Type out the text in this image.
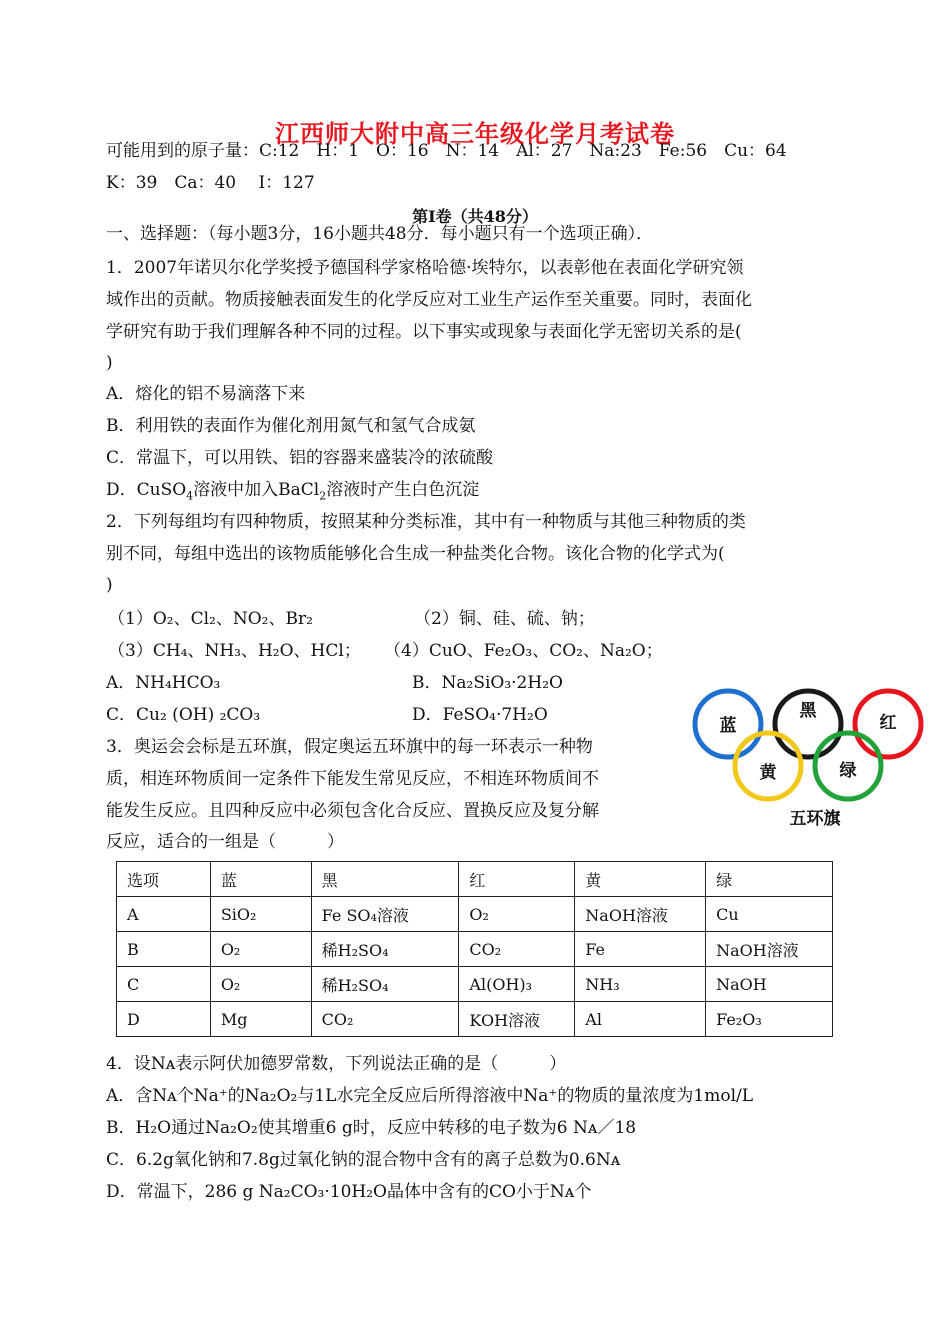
江西师大附中高三年级化学月考试卷
可能用到的原子量：C:12　H：1　O：16　N：14　Al：27　Na:23　Fe:56　Cu：64
K：39　Ca：40　 I：127
第Ⅰ卷（共48分）
一、选择题：（每小题3分，16小题共48分．每小题只有一个选项正确）．
1．2007年诺贝尔化学奖授予德国科学家格哈德·埃特尔，以表彰他在表面化学研究领
域作出的贡献。物质接触表面发生的化学反应对工业生产运作至关重要。同时，表面化
学研究有助于我们理解各种不同的过程。以下事实或现象与表面化学无密切关系的是(
)
A．熔化的铝不易滴落下来
B．利用铁的表面作为催化剂用氮气和氢气合成氨
C．常温下，可以用铁、铝的容器来盛装冷的浓硫酸
D．CuSO$_4$溶液中加入BaCl$_2$溶液时产生白色沉淀
2．下列每组均有四种物质，按照某种分类标准，其中有一种物质与其他三种物质的类
别不同，每组中选出的该物质能够化合生成一种盐类化合物。该化合物的化学式为(
)
（1）O₂、Cl₂、NO₂、Br₂	（2）铜、硅、硫、钠；
（3）CH₄、NH₃、H₂O、HCl； （4）CuO、Fe₂O₃、CO₂、Na₂O；
A．NH₄HCO₃	B．Na₂SiO₃·2H₂O
C．Cu₂ (OH) ₂CO₃	D．FeSO₄·7H₂O
蓝
黑
红
黄	绿
五环旗
3．奥运会会标是五环旗，假定奥运五环旗中的每一环表示一种物
质，相连环物质间一定条件下能发生常见反应，不相连环物质间不
能发生反应。且四种反应中必须包含化合反应、置换反应及复分解
反应，适合的一组是（　　　）
选项	蓝	黑	红	黄	绿
A	SiO₂	Fe SO₄溶液	O₂	NaOH溶液	Cu
B	O₂	稀H₂SO₄	CO₂	Fe	NaOH溶液
C	O₂	稀H₂SO₄	Al(OH)₃	NH₃	NaOH
D	Mg	CO₂	KOH溶液	Al	Fe₂O₃
4．设Nᴀ表示阿伏加德罗常数，下列说法正确的是（　　　）
A．含Nᴀ个Na⁺的Na₂O₂与1L水完全反应后所得溶液中Na⁺的物质的量浓度为1mol/L
B．H₂O通过Na₂O₂使其增重6 g时，反应中转移的电子数为6 Nᴀ／18
C．6.2g氧化钠和7.8g过氧化钠的混合物中含有的离子总数为0.6Nᴀ
D．常温下，286 g Na₂CO₃·10H₂O晶体中含有的CO小于Nᴀ个
